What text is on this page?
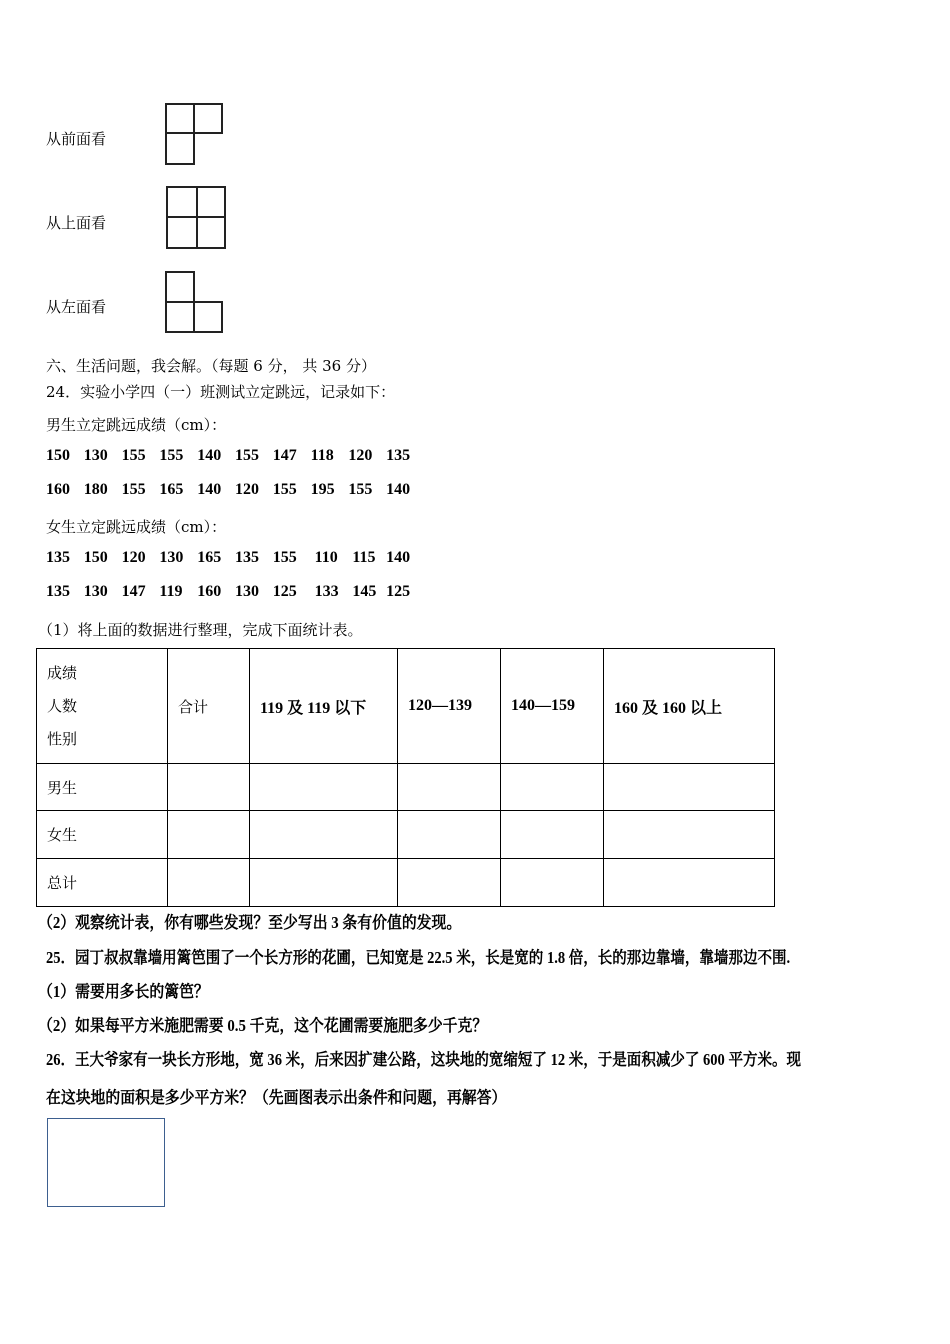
从前面看
从上面看
从左面看
六、生活问题，我会解。（每题 6 分， 共 36 分）
24．实验小学四（一）班测试立定跳远，记录如下：
男生立定跳远成绩（cm）：
150 130 155 155 140 155 147 118 120 135
160 180 155 165 140 120 155 195 155 140
女生立定跳远成绩（cm）：
135 150 120 130 165 135 155 110 115 140
135 130 147 119 160 130 125 133 145 125
（1）将上面的数据进行整理，完成下面统计表。
成绩
人数
性别	合计	119 及 119 以下	120—139	140—159	160 及 160 以上
男生					
女生					
总计					
（2）观察统计表，你有哪些发现？至少写出 3 条有价值的发现。
25．园丁叔叔靠墙用篱笆围了一个长方形的花圃，已知宽是 22.5 米，长是宽的 1.8 倍，长的那边靠墙，靠墙那边不围.
（1）需要用多长的篱笆？
（2）如果每平方米施肥需要 0.5 千克，这个花圃需要施肥多少千克？
26．王大爷家有一块长方形地，宽 36 米，后来因扩建公路，这块地的宽缩短了 12 米，于是面积减少了 600 平方米。现
在这块地的面积是多少平方米？（先画图表示出条件和问题，再解答）
